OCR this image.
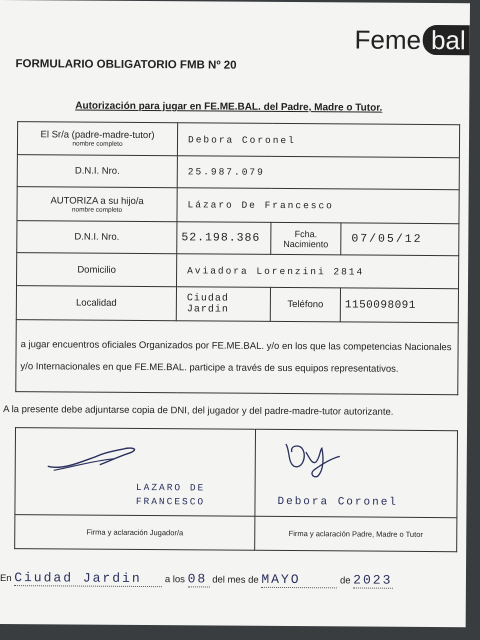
Feme bal
FORMULARIO OBLIGATORIO FMB Nº 20
Autorización para jugar en FE.ME.BAL. del Padre, Madre o Tutor.
El Sr/a (padre-madre-tutor)
nombre completo	Debora Coronel		
D.N.I. Nro.	25.987.079		
AUTORIZA a su hijo/a
nombre completo	Lázaro De Francesco		
D.N.I. Nro.	52.198.386	Fcha. Nacimiento	07/05/12
Domicilio	Aviadora Lorenzini 2814		
Localidad	Ciudad Jardin	Teléfono	1150098091
a jugar encuentros oficiales Organizados por FE.ME.BAL. y/o en los que las competencias Nacionales y/o Internacionales en que FE.ME.BAL. participe a través de sus equipos representativos.			
A la presente debe adjuntarse copia de DNI, del jugador y del padre-madre-tutor autorizante.
LAZARO DE FRANCESCO	Debora Coronel

Firma y aclaración Jugador/a	Firma y aclaración Padre, Madre o Tutor
En Ciudad Jardin a los 08 del mes de MAYO	de 2023
